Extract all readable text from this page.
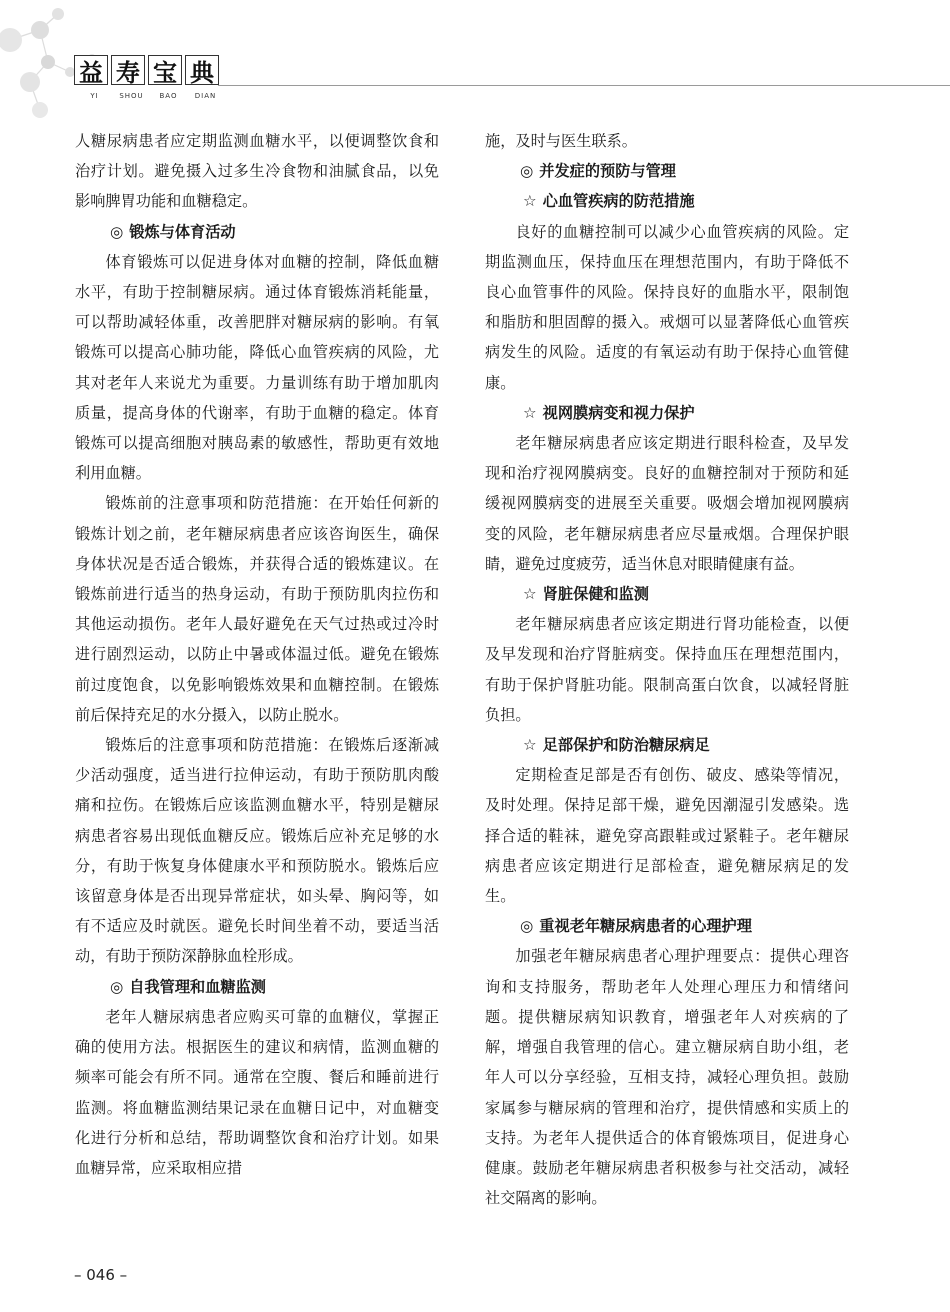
益 寿 宝 典
YI	SHOU	BAO	DIAN

人糖尿病患者应定期监测血糖水平，以便调整饮食和治疗计划。避免摄入过多生冷食物和油腻食品，以免影响脾胃功能和血糖稳定。

◎ 锻炼与体育活动

体育锻炼可以促进身体对血糖的控制，降低血糖水平，有助于控制糖尿病。通过体育锻炼消耗能量，可以帮助减轻体重，改善肥胖对糖尿病的影响。有氧锻炼可以提高心肺功能，降低心血管疾病的风险，尤其对老年人来说尤为重要。力量训练有助于增加肌肉质量，提高身体的代谢率，有助于血糖的稳定。体育锻炼可以提高细胞对胰岛素的敏感性，帮助更有效地利用血糖。

锻炼前的注意事项和防范措施：在开始任何新的锻炼计划之前，老年糖尿病患者应该咨询医生，确保身体状况是否适合锻炼，并获得合适的锻炼建议。在锻炼前进行适当的热身运动，有助于预防肌肉拉伤和其他运动损伤。老年人最好避免在天气过热或过冷时进行剧烈运动，以防止中暑或体温过低。避免在锻炼前过度饱食，以免影响锻炼效果和血糖控制。在锻炼前后保持充足的水分摄入，以防止脱水。

锻炼后的注意事项和防范措施：在锻炼后逐渐减少活动强度，适当进行拉伸运动，有助于预防肌肉酸痛和拉伤。在锻炼后应该监测血糖水平，特别是糖尿病患者容易出现低血糖反应。锻炼后应补充足够的水分，有助于恢复身体健康水平和预防脱水。锻炼后应该留意身体是否出现异常症状，如头晕、胸闷等，如有不适应及时就医。避免长时间坐着不动，要适当活动，有助于预防深静脉血栓形成。

◎ 自我管理和血糖监测

老年人糖尿病患者应购买可靠的血糖仪，掌握正确的使用方法。根据医生的建议和病情，监测血糖的频率可能会有所不同。通常在空腹、餐后和睡前进行监测。将血糖监测结果记录在血糖日记中，对血糖变化进行分析和总结，帮助调整饮食和治疗计划。如果血糖异常，应采取相应措

施，及时与医生联系。

◎ 并发症的预防与管理
☆ 心血管疾病的防范措施

良好的血糖控制可以减少心血管疾病的风险。定期监测血压，保持血压在理想范围内，有助于降低不良心血管事件的风险。保持良好的血脂水平，限制饱和脂肪和胆固醇的摄入。戒烟可以显著降低心血管疾病发生的风险。适度的有氧运动有助于保持心血管健康。

☆ 视网膜病变和视力保护

老年糖尿病患者应该定期进行眼科检查，及早发现和治疗视网膜病变。良好的血糖控制对于预防和延缓视网膜病变的进展至关重要。吸烟会增加视网膜病变的风险，老年糖尿病患者应尽量戒烟。合理保护眼睛，避免过度疲劳，适当休息对眼睛健康有益。

☆ 肾脏保健和监测

老年糖尿病患者应该定期进行肾功能检查，以便及早发现和治疗肾脏病变。保持血压在理想范围内，有助于保护肾脏功能。限制高蛋白饮食，以减轻肾脏负担。

☆ 足部保护和防治糖尿病足

定期检查足部是否有创伤、破皮、感染等情况，及时处理。保持足部干燥，避免因潮湿引发感染。选择合适的鞋袜，避免穿高跟鞋或过紧鞋子。老年糖尿病患者应该定期进行足部检查，避免糖尿病足的发生。

◎ 重视老年糖尿病患者的心理护理

加强老年糖尿病患者心理护理要点：提供心理咨询和支持服务，帮助老年人处理心理压力和情绪问题。提供糖尿病知识教育，增强老年人对疾病的了解，增强自我管理的信心。建立糖尿病自助小组，老年人可以分享经验，互相支持，减轻心理负担。鼓励家属参与糖尿病的管理和治疗，提供情感和实质上的支持。为老年人提供适合的体育锻炼项目，促进身心健康。鼓励老年糖尿病患者积极参与社交活动，减轻社交隔离的影响。

– 046 –
